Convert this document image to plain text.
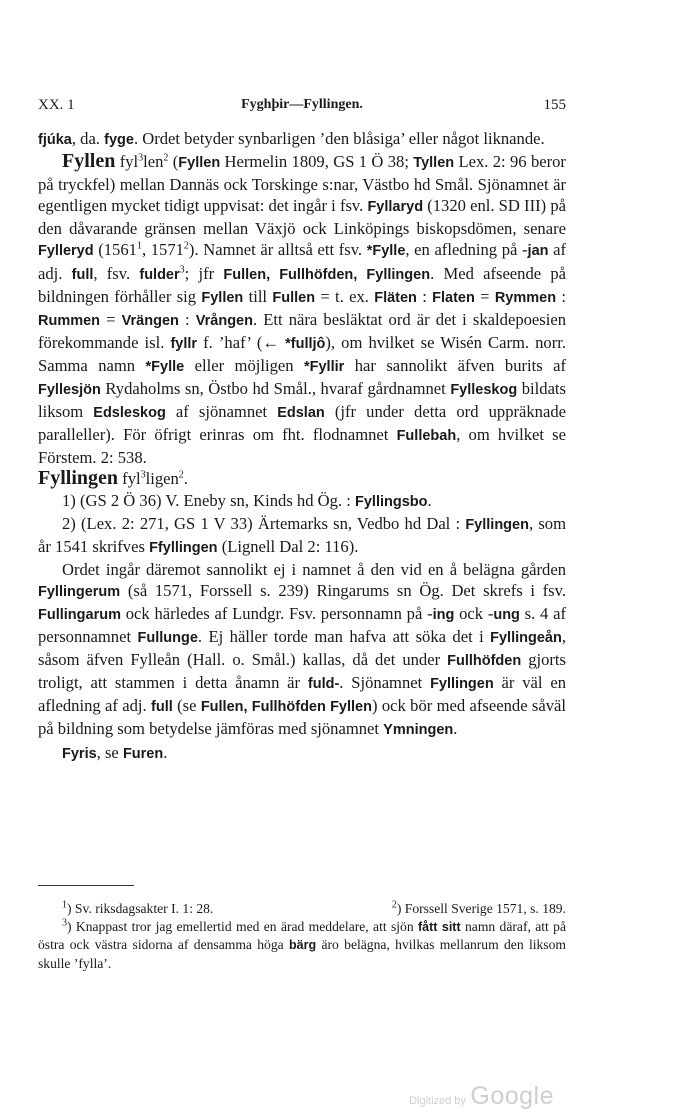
XX. 1	Fyghþir—Fyllingen.	155

fjúka, da. fyge. Ordet betyder synbarligen ’den blåsiga’ eller något liknande.

Fyllen fyl$^3$len$^2$ (Fyllen Hermelin 1809, GS 1 Ö 38; Tyllen Lex. 2: 96 beror på tryckfel) mellan Dannäs ock Torskinge s:nar, Västbo hd Smål. Sjönamnet är egentligen mycket tidigt uppvisat: det ingår i fsv. Fyllaryd (1320 enl. SD III) på den dåvarande gränsen mellan Växjö ock Linköpings biskopsdömen, senare Fylleryd (1561$^1$, 1571$^2$). Namnet är alltså ett fsv. *Fylle, en afledning på -jan af adj. full, fsv. fulder$^3$; jfr Fullen, Fullhöfden, Fyllingen. Med afseende på bildningen förhåller sig Fyllen till Fullen = t. ex. Fläten : Flaten = Rymmen : Rummen = Vrängen : Vrången. Ett nära besläktat ord är det i skaldepoesien förekommande isl. fyllr f. ’haf’ (← *fulljô), om hvilket se Wisén Carm. norr. Samma namn *Fylle eller möjligen *Fyllir har sannolikt äfven burits af Fyllesjön Rydaholms sn, Östbo hd Smål., hvaraf gårdnamnet Fylleskog bildats liksom Edsleskog af sjönamnet Edslan (jfr under detta ord uppräknade paralleller). För öfrigt erinras om fht. flodnamnet Fullebah, om hvilket se Förstem. 2: 538.

Fyllingen fyl$^3$ligen$^2$.

1) (GS 2 Ö 36) V. Eneby sn, Kinds hd Ög. : Fyllingsbo.

2) (Lex. 2: 271, GS 1 V 33) Ärtemarks sn, Vedbo hd Dal : Fyllingen, som år 1541 skrifves Ffyllingen (Lignell Dal 2: 116).

Ordet ingår däremot sannolikt ej i namnet å den vid en å belägna gården Fyllingerum (så 1571, Forssell s. 239) Ringarums sn Ög. Det skrefs i fsv. Fullingarum ock härledes af Lundgr. Fsv. personnamn på -ing ock -ung s. 4 af personnamnet Fullunge. Ej häller torde man hafva att söka det i Fyllingeån, såsom äfven Fylleån (Hall. o. Smål.) kallas, då det under Fullhöfden gjorts troligt, att stammen i detta ånamn är fuld-. Sjönamnet Fyllingen är väl en afledning af adj. full (se Fullen, Fullhöfden Fyllen) ock bör med afseende såväl på bildning som betydelse jämföras med sjönamnet Ymningen.

Fyris, se Furen.

$^1$) Sv. riksdagsakter I. 1: 28.	$^2$) Forssell Sverige 1571, s. 189.

$^3$) Knappast tror jag emellertid med en ärad meddelare, att sjön fått sitt namn däraf, att på östra ock västra sidorna af densamma höga bärg äro belägna, hvilkas mellanrum den liksom skulle ’fylla’.

Digitized by Google
